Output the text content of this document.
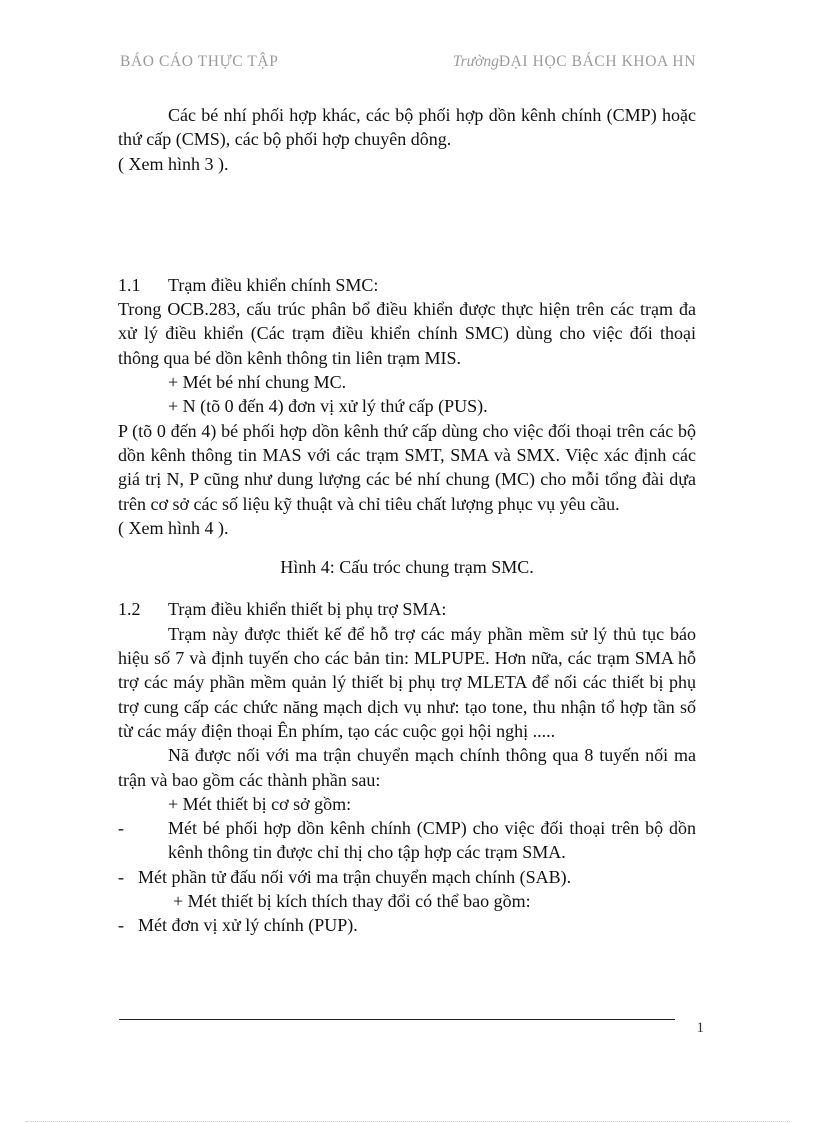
BÁO CÁO THỰC TẬP	TrườngĐẠI HỌC BÁCH KHOA HN

Các bé nhí phối hợp khác, các bộ phối hợp dồn kênh chính (CMP) hoặc thứ cấp (CMS), các bộ phối hợp chuyên dông.

( Xem hình 3 ).

1.1	Trạm điều khiển chính SMC:

Trong OCB.283, cấu trúc phân bổ điều khiển được thực hiện trên các trạm đa xử lý điều khiển (Các trạm điều khiển chính SMC) dùng cho việc đối thoại thông qua bé dồn kênh thông tin liên trạm MIS.

+ Mét bé nhí chung MC.

+ N (tõ 0 đến 4) đơn vị xử lý thứ cấp (PUS).

P (tõ 0 đến 4) bé phối hợp dồn kênh thứ cấp dùng cho việc đối thoại trên các bộ dồn kênh thông tin MAS với các trạm SMT, SMA và SMX. Việc xác định các giá trị N, P cũng như dung lượng các bé nhí chung (MC) cho mỗi tổng đài dựa trên cơ sở các số liệu kỹ thuật và chỉ tiêu chất lượng phục vụ yêu cầu.

( Xem hình 4 ).

Hình 4: Cấu tróc chung trạm SMC.

1.2	Trạm điều khiển thiết bị phụ trợ SMA:

Trạm này được thiết kế để hỗ trợ các máy phần mềm sử lý thủ tục báo hiệu số 7 và định tuyến cho các bản tin: MLPUPE. Hơn nữa, các trạm SMA hỗ trợ các máy phần mềm quản lý thiết bị phụ trợ MLETA để nối các thiết bị phụ trợ cung cấp các chức năng mạch dịch vụ như: tạo tone, thu nhận tổ hợp tần số từ các máy điện thoại Ên phím, tạo các cuộc gọi hội nghị .....

Nã được nối với ma trận chuyển mạch chính thông qua 8 tuyến nối ma trận và bao gồm các thành phần sau:

+ Mét thiết bị cơ sở gồm:

-	Mét bé phối hợp dồn kênh chính (CMP) cho việc đối thoại trên bộ dồn kênh thông tin được chỉ thị cho tập hợp các trạm SMA.
- Mét phần tử đấu nối với ma trận chuyển mạch chính (SAB).

+ Mét thiết bị kích thích thay đổi có thể bao gồm:

- Mét đơn vị xử lý chính (PUP).
1
